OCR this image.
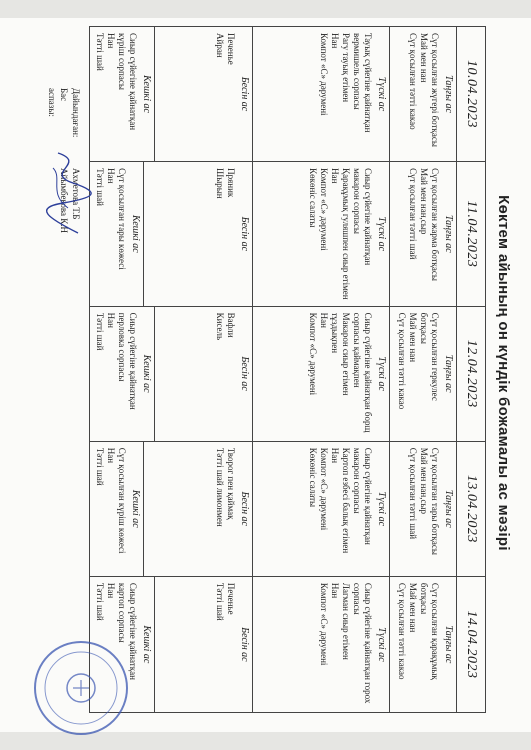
Көктем айының он күндік божамалы ас мәзірі
10.04.2023
Таңғы ас
Сүт қосылған жүгері ботқасы
Май мен нан
Сүт қосылған тәтті какао
Түскі ас
Тауық сүйегіне қайнатқан
вермишель сорпасы
Рагу тауық етімен
Нан
Компот «С» дәрумені
Бесін ас
Печенье
Айран
Кешкі ас
Сиыр сүйегіне қайнатқан
күріш сорпасы
Нан
Тәтті шай
11.04.2023
Таңғы ас
Сүт қосылған жарма ботқасы
Май мен нан,сыр
Сүт қосылған тәтті шай
Түскі ас
Сиыр сүйегіне қайнатқан
макарон сорпасы
Қарақұмық гуляшпен сиыр етімен
Нан
Компот «С» дәрумені
Көкөніс салаты
Бесін ас
Пряник
Шырын
Кешкі ас
Сүт қосылған тары көжесі
Нан
Тәтті шай
12.04.2023
Таңғы ас
Сүт қосылған геркулес
ботқасы
Май мен нан
Сүт қосылған тәтті какао
Түскі ас
Сиыр сүйегіне қайнатқан борщ
сорпасы қаймақпен
Макарон сиыр етімен
тұздықпен
Нан
Компот «С» дәрумені
Бесін ас
Вафли
Кисель
Кешкі ас
Сиыр сүйегіне қайнатқан
перловка сорпасы
Нан
Тәтті шай
13.04.2023
Таңғы ас
Сүт қосылған тары ботқасы
Май мен нан,сыр
Сүт қосылған тәтті шай
Түскі ас
Сиыр сүйегіне қайнатқан
макарон сорпасы
Картоп езбесі балық етімен
Нан
Компот «С» дәрумені
Көкөніс салаты
Бесін ас
Творог пен қаймақ
Тәтті шай лимонмен
Кешкі ас
Сүт қосылған күріш көжесі
Нан
Тәтті шай
14.04.2023
Таңғы ас
Сүт қосылған қарақұмық
ботқасы
Май мен нан
Сүт қосылған тәтті какао
Түскі ас
Сиыр сүйегіне қайнатқан горох
сорпасы
Лагман сиыр етімен
Нан
Компот «С» дәрумені
Бесін ас
Печенье
Тәтті шай
Кешкі ас
Сиыр сүйегіне қайнатқан
картоп сорпасы
Нан
Тәтті шай
Дайындаған:
Бас аспазы:
Ахметова Т.Б
Айымбекова К.Н
